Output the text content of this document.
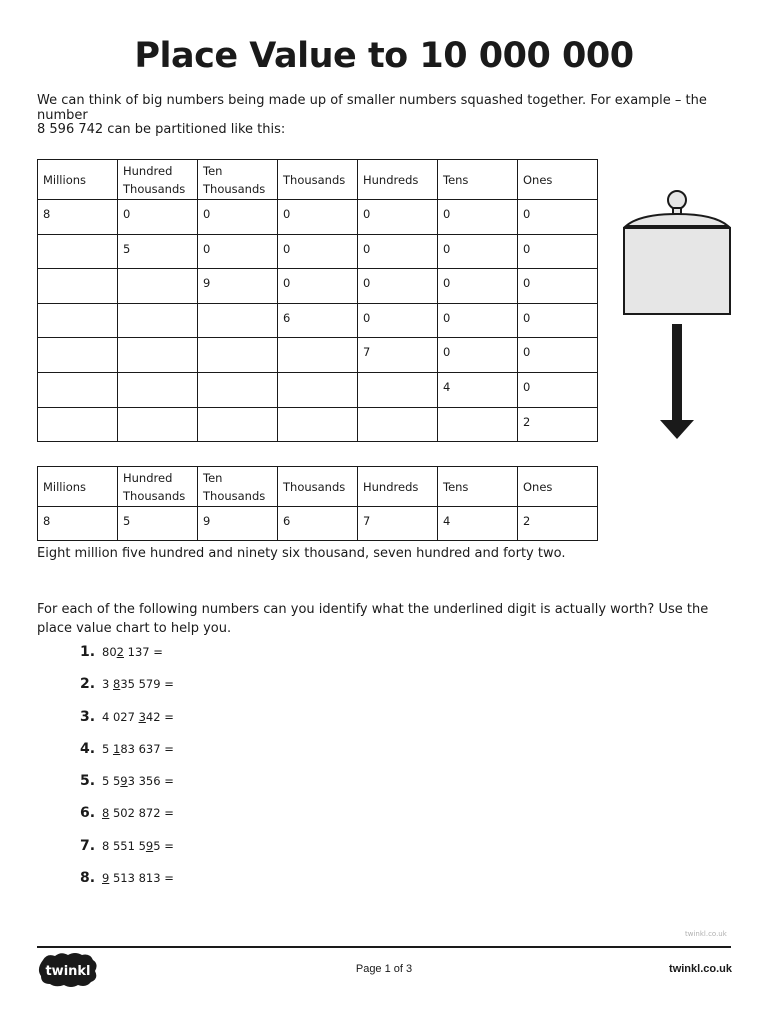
Place Value to 10 000 000
We can think of big numbers being made up of smaller numbers squashed together. For example – the number
8 596 742 can be partitioned like this:
Millions	Hundred Thousands	Ten Thousands	Thousands	Hundreds	Tens	Ones
8	0	0	0	0	0	0
	5	0	0	0	0	0
		9	0	0	0	0
			6	0	0	0
				7	0	0
					4	0
						2
Millions	Hundred Thousands	Ten Thousands	Thousands	Hundreds	Tens	Ones
8	5	9	6	7	4	2
Eight million five hundred and ninety six thousand, seven hundred and forty two.
For each of the following numbers can you identify what the underlined digit is actually worth? Use the place value chart to help you.
1. 802 137 =
2. 3 835 579 =
3. 4 027 342 =
4. 5 183 637 =
5. 5 593 356 =
6. 8 502 872 =
7. 8 551 595 =
8. 9 513 813 =
twinkl.co.uk
twinkl	Page 1 of 3	twinkl.co.uk
